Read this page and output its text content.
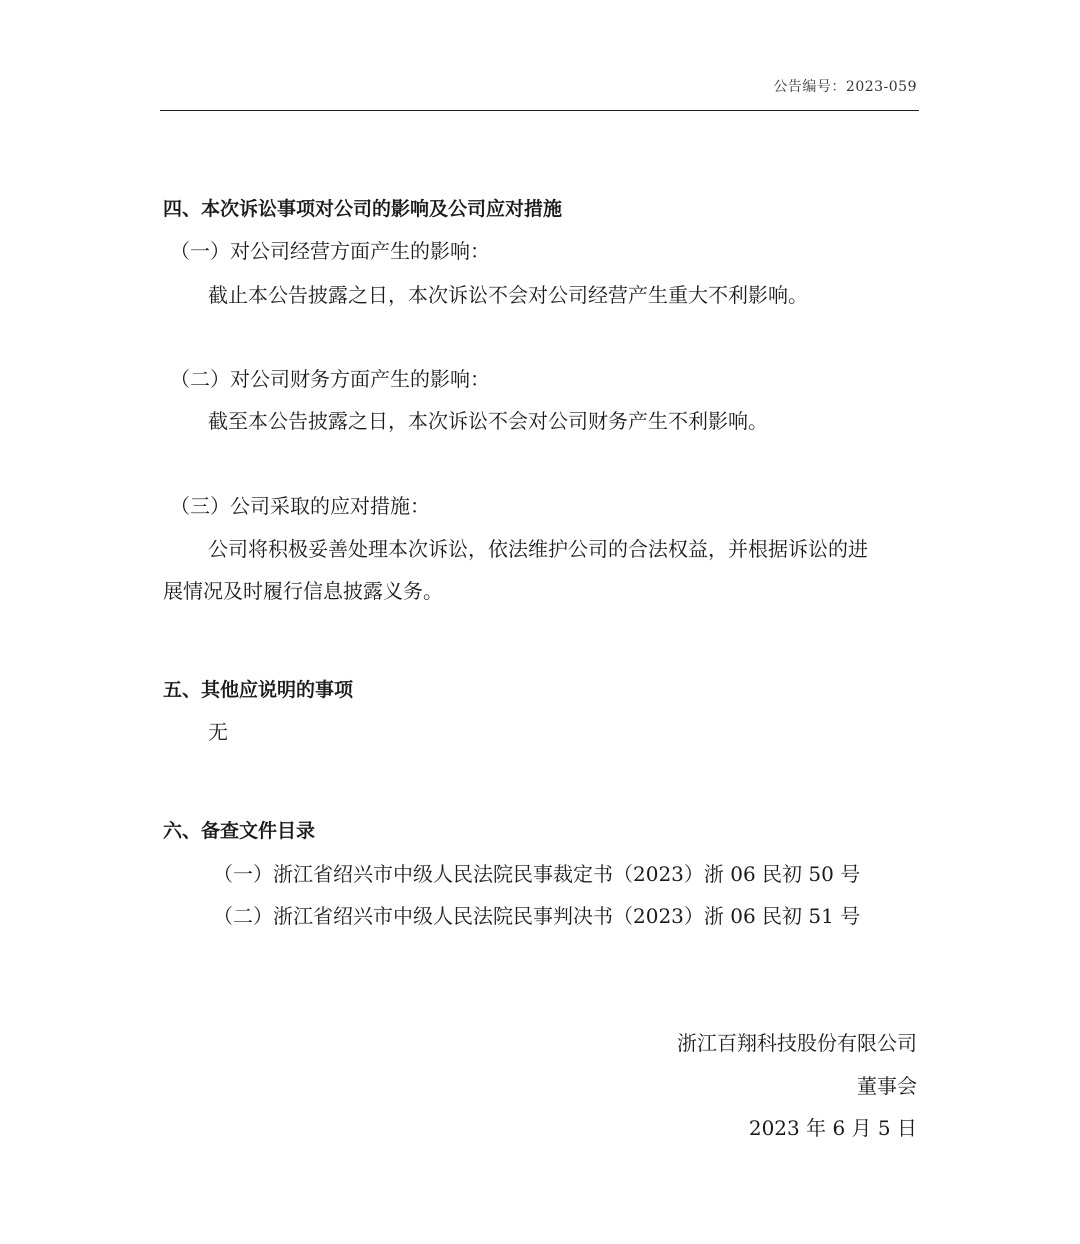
公告编号：2023-059
四、本次诉讼事项对公司的影响及公司应对措施
（一）对公司经营方面产生的影响：
截止本公告披露之日，本次诉讼不会对公司经营产生重大不利影响。
（二）对公司财务方面产生的影响：
截至本公告披露之日，本次诉讼不会对公司财务产生不利影响。
（三）公司采取的应对措施：
公司将积极妥善处理本次诉讼，依法维护公司的合法权益，并根据诉讼的进
展情况及时履行信息披露义务。
五、其他应说明的事项
无
六、备查文件目录
（一）浙江省绍兴市中级人民法院民事裁定书（2023）浙 06 民初 50 号
（二）浙江省绍兴市中级人民法院民事判决书（2023）浙 06 民初 51 号
浙江百翔科技股份有限公司
董事会
2023 年 6 月 5 日
